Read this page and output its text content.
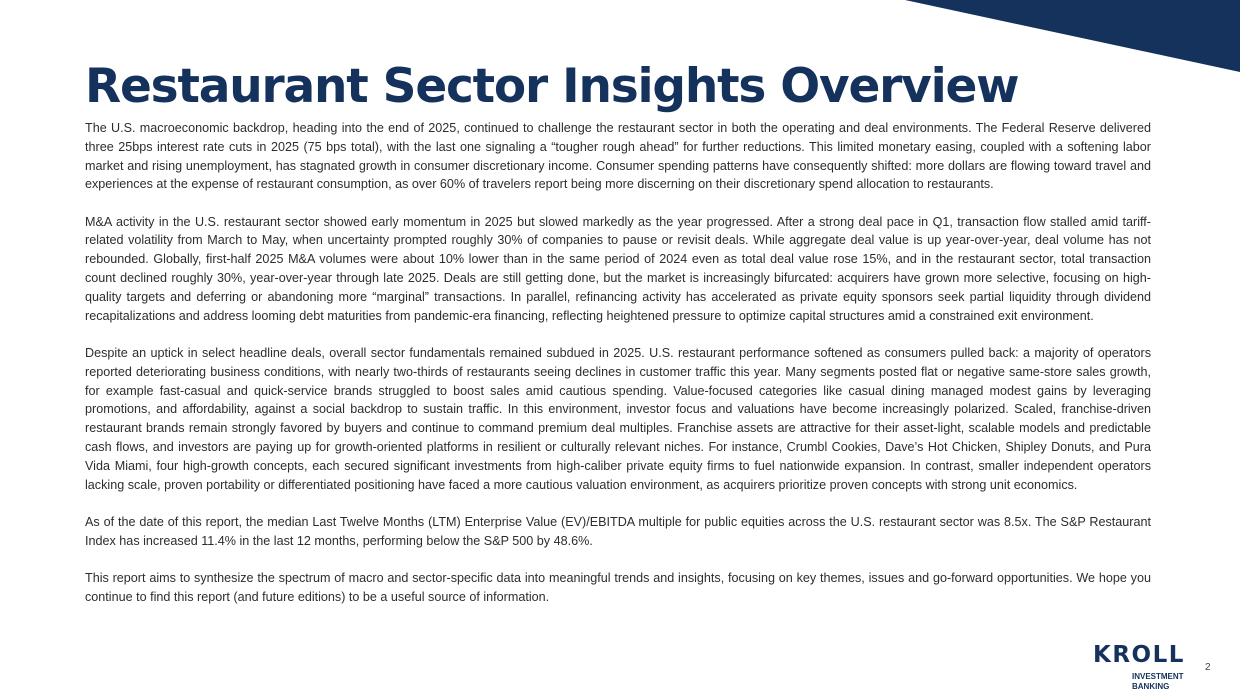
Restaurant Sector Insights Overview

The U.S. macroeconomic backdrop, heading into the end of 2025, continued to challenge the restaurant sector in both the operating and deal environments. The Federal Reserve delivered three 25bps interest rate cuts in 2025 (75 bps total), with the last one signaling a “tougher rough ahead” for further reductions. This limited monetary easing, coupled with a softening labor market and rising unemployment, has stagnated growth in consumer discretionary income. Consumer spending patterns have consequently shifted: more dollars are flowing toward travel and experiences at the expense of restaurant consumption, as over 60% of travelers report being more discerning on their discretionary spend allocation to restaurants.

M&A activity in the U.S. restaurant sector showed early momentum in 2025 but slowed markedly as the year progressed. After a strong deal pace in Q1, transaction flow stalled amid tariff-related volatility from March to May, when uncertainty prompted roughly 30% of companies to pause or revisit deals. While aggregate deal value is up year-over-year, deal volume has not rebounded. Globally, first-half 2025 M&A volumes were about 10% lower than in the same period of 2024 even as total deal value rose 15%, and in the restaurant sector, total transaction count declined roughly 30%, year-over-year through late 2025. Deals are still getting done, but the market is increasingly bifurcated: acquirers have grown more selective, focusing on high-quality targets and deferring or abandoning more “marginal” transactions. In parallel, refinancing activity has accelerated as private equity sponsors seek partial liquidity through dividend recapitalizations and address looming debt maturities from pandemic-era financing, reflecting heightened pressure to optimize capital structures amid a constrained exit environment.

Despite an uptick in select headline deals, overall sector fundamentals remained subdued in 2025. U.S. restaurant performance softened as consumers pulled back: a majority of operators reported deteriorating business conditions, with nearly two-thirds of restaurants seeing declines in customer traffic this year. Many segments posted flat or negative same-store sales growth, for example fast-casual and quick-service brands struggled to boost sales amid cautious spending. Value-focused categories like casual dining managed modest gains by leveraging promotions, and affordability, against a social backdrop to sustain traffic. In this environment, investor focus and valuations have become increasingly polarized. Scaled, franchise-driven restaurant brands remain strongly favored by buyers and continue to command premium deal multiples. Franchise assets are attractive for their asset-light, scalable models and predictable cash flows, and investors are paying up for growth-oriented platforms in resilient or culturally relevant niches. For instance, Crumbl Cookies, Dave’s Hot Chicken, Shipley Donuts, and Pura Vida Miami, four high-growth concepts, each secured significant investments from high-caliber private equity firms to fuel nationwide expansion. In contrast, smaller independent operators lacking scale, proven portability or differentiated positioning have faced a more cautious valuation environment, as acquirers prioritize proven concepts with strong unit economics.

As of the date of this report, the median Last Twelve Months (LTM) Enterprise Value (EV)/EBITDA multiple for public equities across the U.S. restaurant sector was 8.5x. The S&P Restaurant Index has increased 11.4% in the last 12 months, performing below the S&P 500 by 48.6%.

This report aims to synthesize the spectrum of macro and sector-specific data into meaningful trends and insights, focusing on key themes, issues and go-forward opportunities. We hope you continue to find this report (and future editions) to be a useful source of information.

KROLL
INVESTMENT
BANKING
2
